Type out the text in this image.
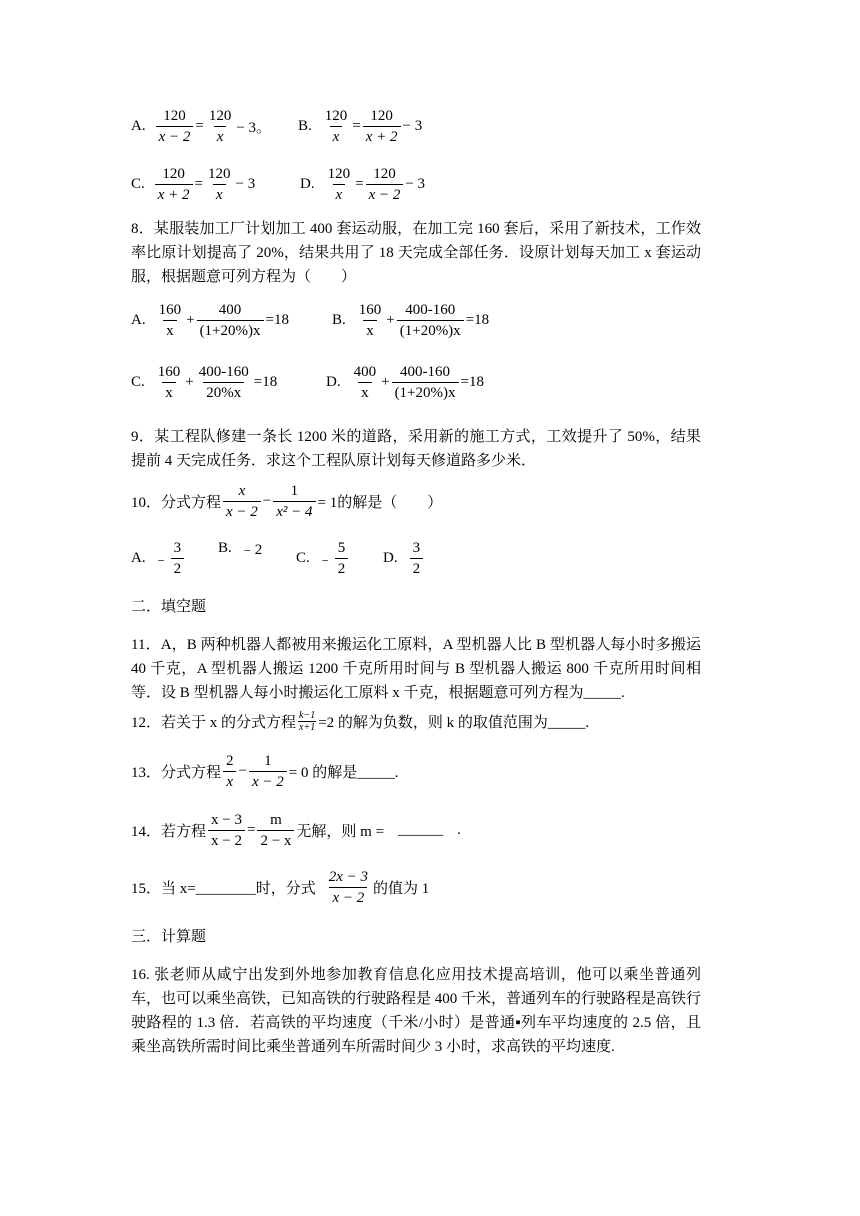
A. $\frac{120}{x - 2} = \frac{120}{x} - 3$。 B. $\frac{120}{x} = \frac{120}{x + 2} - 3$
C. $\frac{120}{x + 2} = \frac{120}{x} - 3$	D. $\frac{120}{x} = \frac{120}{x - 2} - 3$
8．某服装加工厂计划加工 400 套运动服，在加工完 160 套后，采用了新技术，工作效率比原计划提高了 20%，结果共用了 18 天完成全部任务．设原计划每天加工 x 套运动服，根据题意可列方程为（　　）
A. $\frac{160}{x} + \frac{400}{(1+20\%)x} =18$	B. $\frac{160}{x} + \frac{400-160}{(1+20\%)x} =18$
C. $\frac{160}{x} + \frac{400-160}{20\%x} =18$	D. $\frac{400}{x} + \frac{400-160}{(1+20\%)x} =18$
9．某工程队修建一条长 1200 米的道路，采用新的施工方式，工效提升了 50%，结果提前 4 天完成任务．求这个工程队原计划每天修道路多少米．
10．分式方程 $\frac{x}{x - 2} - \frac{1}{\text{x² − 4}} = 1$的解是（　　）
A. ﹣ $\frac{3}{2} B$. ﹣2 C. ﹣ $\frac{5}{2} D$. $\frac{3}{2}$
二．填空题
11．A，B 两种机器人都被用来搬运化工原料，A 型机器人比 B 型机器人每小时多搬运 40 千克，A 型机器人搬运 1200 千克所用时间与 B 型机器人搬运 800 千克所用时间相等．设 B 型机器人每小时搬运化工原料 x 千克，根据题意可列方程为_____.
12．若关于 x 的分式方程 $\frac{k-1}{x+1} =2$ 的解为负数，则 k 的取值范围为_____.
13．分式方程 $\frac{2}{x} - \frac{1}{x - 2} = 0$ 的解是_____.
14．若方程 $\frac{x - 3}{x - 2} = \frac{m}{2 - x}$ 无解，则 m = ______ .
15．当 x=________时，分式 $\frac{2x - 3}{x - 2}$ 的值为 1
三．计算题
16. 张老师从咸宁出发到外地参加教育信息化应用技术提高培训，他可以乘坐普通列车，也可以乘坐高铁，已知高铁的行驶路程是 400 千米，普通列车的行驶路程是高铁行驶路程的 1.3 倍．若高铁的平均速度（千米/小时）是普通▪列车平均速度的 2.5 倍，且乘坐高铁所需时间比乘坐普通列车所需时间少 3 小时，求高铁的平均速度.
